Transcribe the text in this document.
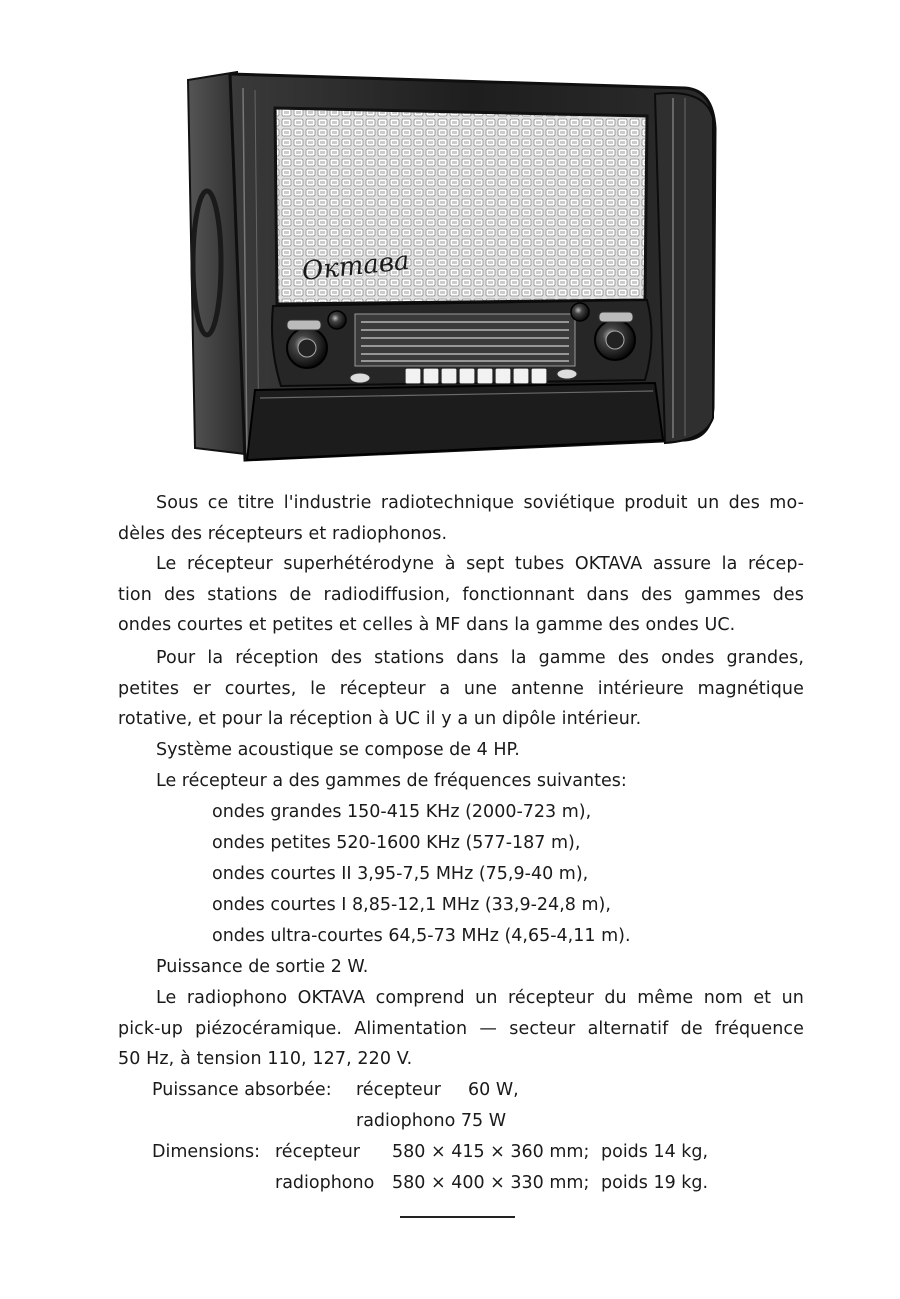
Октава

Sous ce titre l'industrie radiotechnique soviétique produit un des mo-
dèles des récepteurs et radiophonos.

Le récepteur superhétérodyne à sept tubes OKTAVA assure la récep-
tion des stations de radiodiffusion, fonctionnant dans des gammes des
ondes courtes et petites et celles à MF dans la gamme des ondes UC.

Pour la réception des stations dans la gamme des ondes grandes,
petites er courtes, le récepteur a une antenne intérieure magnétique
rotative, et pour la réception à UC il y a un dipôle intérieur.

Système acoustique se compose de 4 HP.
Le récepteur a des gammes de fréquences suivantes:
ondes grandes 150-415 KHz (2000-723 m),
ondes petites 520-1600 KHz (577-187 m),
ondes courtes II 3,95-7,5 MHz (75,9-40 m),
ondes courtes I 8,85-12,1 MHz (33,9-24,8 m),
ondes ultra-courtes 64,5-73 MHz (4,65-4,11 m).
Puissance de sortie 2 W.

Le radiophono OKTAVA comprend un récepteur du même nom et un
pick-up piézocéramique. Alimentation — secteur alternatif de fréquence
50 Hz, à tension 110, 127, 220 V.

Puissance absorbée: récepteur 60 W,
radiophono 75 W
Dimensions: récepteur 580 × 415 × 360 mm; poids 14 kg,
radiophono 580 × 400 × 330 mm; poids 19 kg.
